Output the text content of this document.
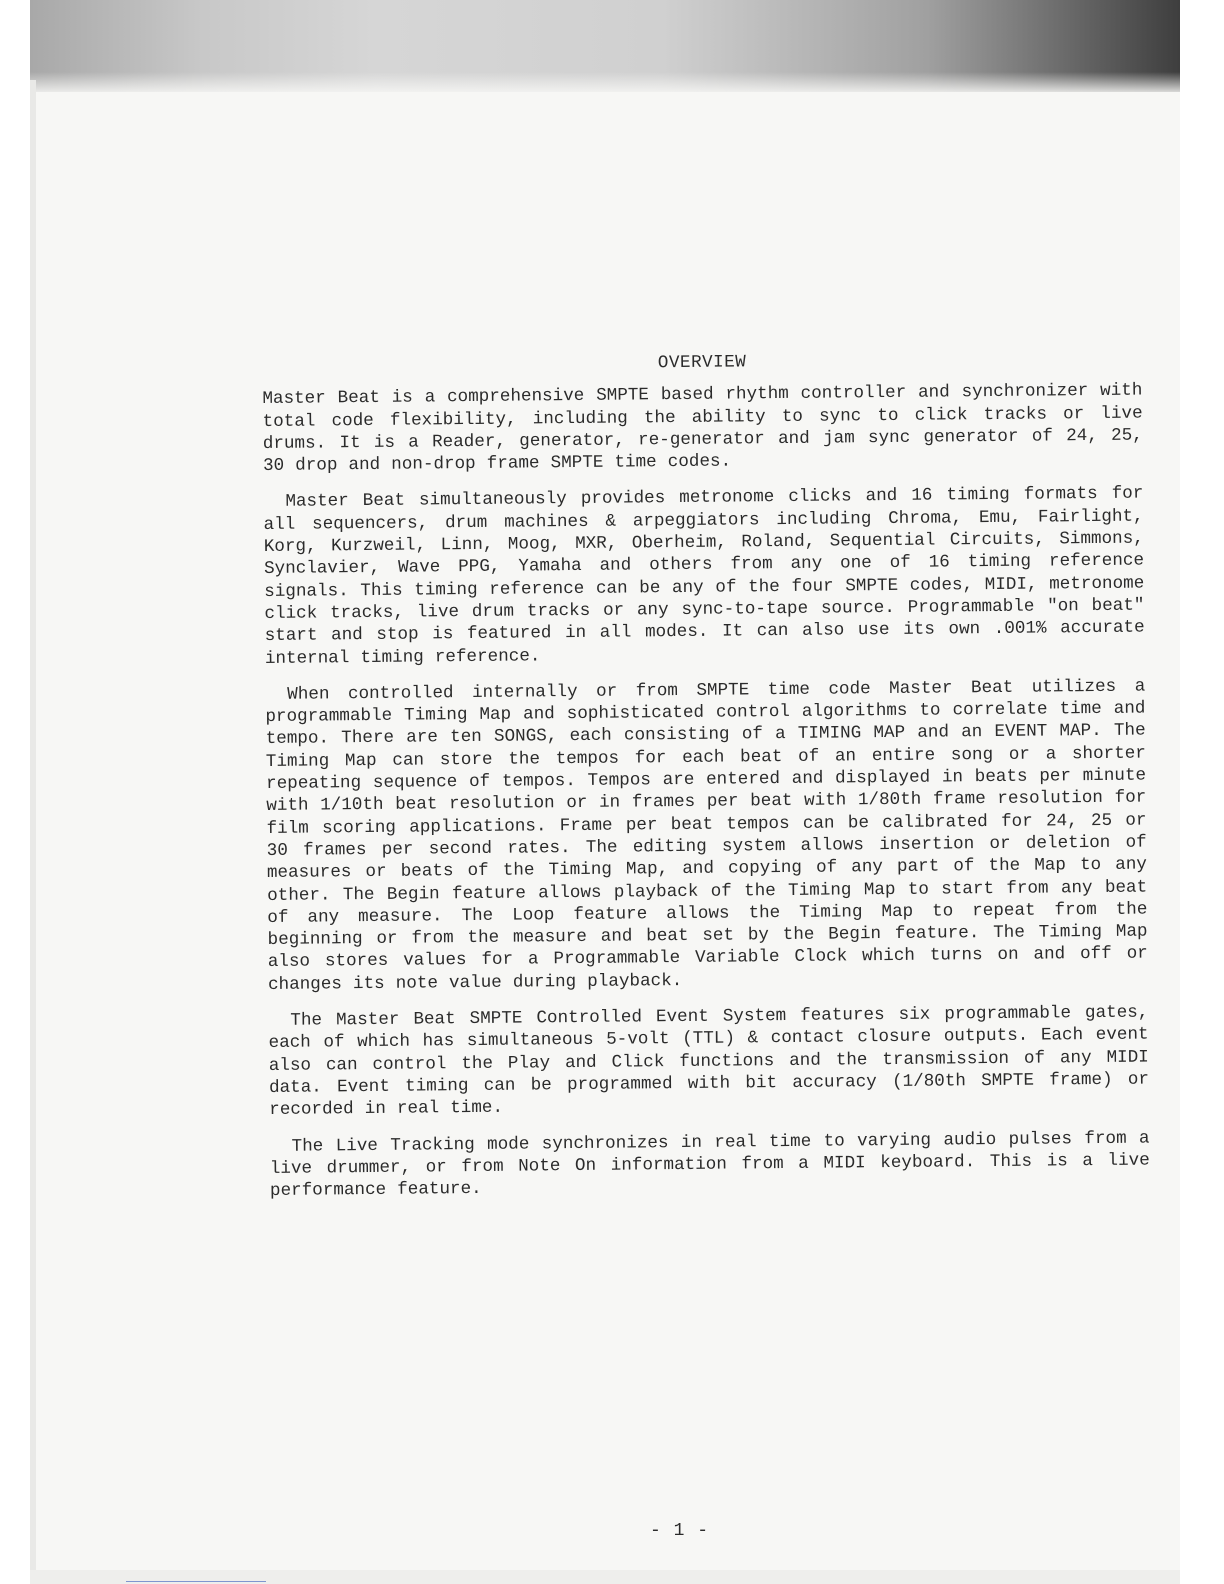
OVERVIEW

Master Beat is a comprehensive SMPTE based rhythm controller and synchronizer with total code flexibility, including the ability to sync to click tracks or live drums. It is a Reader, generator, re-generator and jam sync generator of 24, 25, 30 drop and non-drop frame SMPTE time codes.

Master Beat simultaneously provides metronome clicks and 16 timing formats for all sequencers, drum machines & arpeggiators including Chroma, Emu, Fairlight, Korg, Kurzweil, Linn, Moog, MXR, Oberheim, Roland, Sequential Circuits, Simmons, Synclavier, Wave PPG, Yamaha and others from any one of 16 timing reference signals. This timing reference can be any of the four SMPTE codes, MIDI, metronome click tracks, live drum tracks or any sync-to-tape source. Programmable "on beat" start and stop is featured in all modes. It can also use its own .001% accurate internal timing reference.

When controlled internally or from SMPTE time code Master Beat utilizes a programmable Timing Map and sophisticated control algorithms to correlate time and tempo. There are ten SONGS, each consisting of a TIMING MAP and an EVENT MAP. The Timing Map can store the tempos for each beat of an entire song or a shorter repeating sequence of tempos. Tempos are entered and displayed in beats per minute with 1/10th beat resolution or in frames per beat with 1/80th frame resolution for film scoring applications. Frame per beat tempos can be calibrated for 24, 25 or 30 frames per second rates. The editing system allows insertion or deletion of measures or beats of the Timing Map, and copying of any part of the Map to any other. The Begin feature allows playback of the Timing Map to start from any beat of any measure. The Loop feature allows the Timing Map to repeat from the beginning or from the measure and beat set by the Begin feature. The Timing Map also stores values for a Programmable Variable Clock which turns on and off or changes its note value during playback.

The Master Beat SMPTE Controlled Event System features six programmable gates, each of which has simultaneous 5-volt (TTL) & contact closure outputs. Each event also can control the Play and Click functions and the transmission of any MIDI data. Event timing can be programmed with bit accuracy (1/80th SMPTE frame) or recorded in real time.

The Live Tracking mode synchronizes in real time to varying audio pulses from a live drummer, or from Note On information from a MIDI keyboard. This is a live performance feature.

- 1 -
